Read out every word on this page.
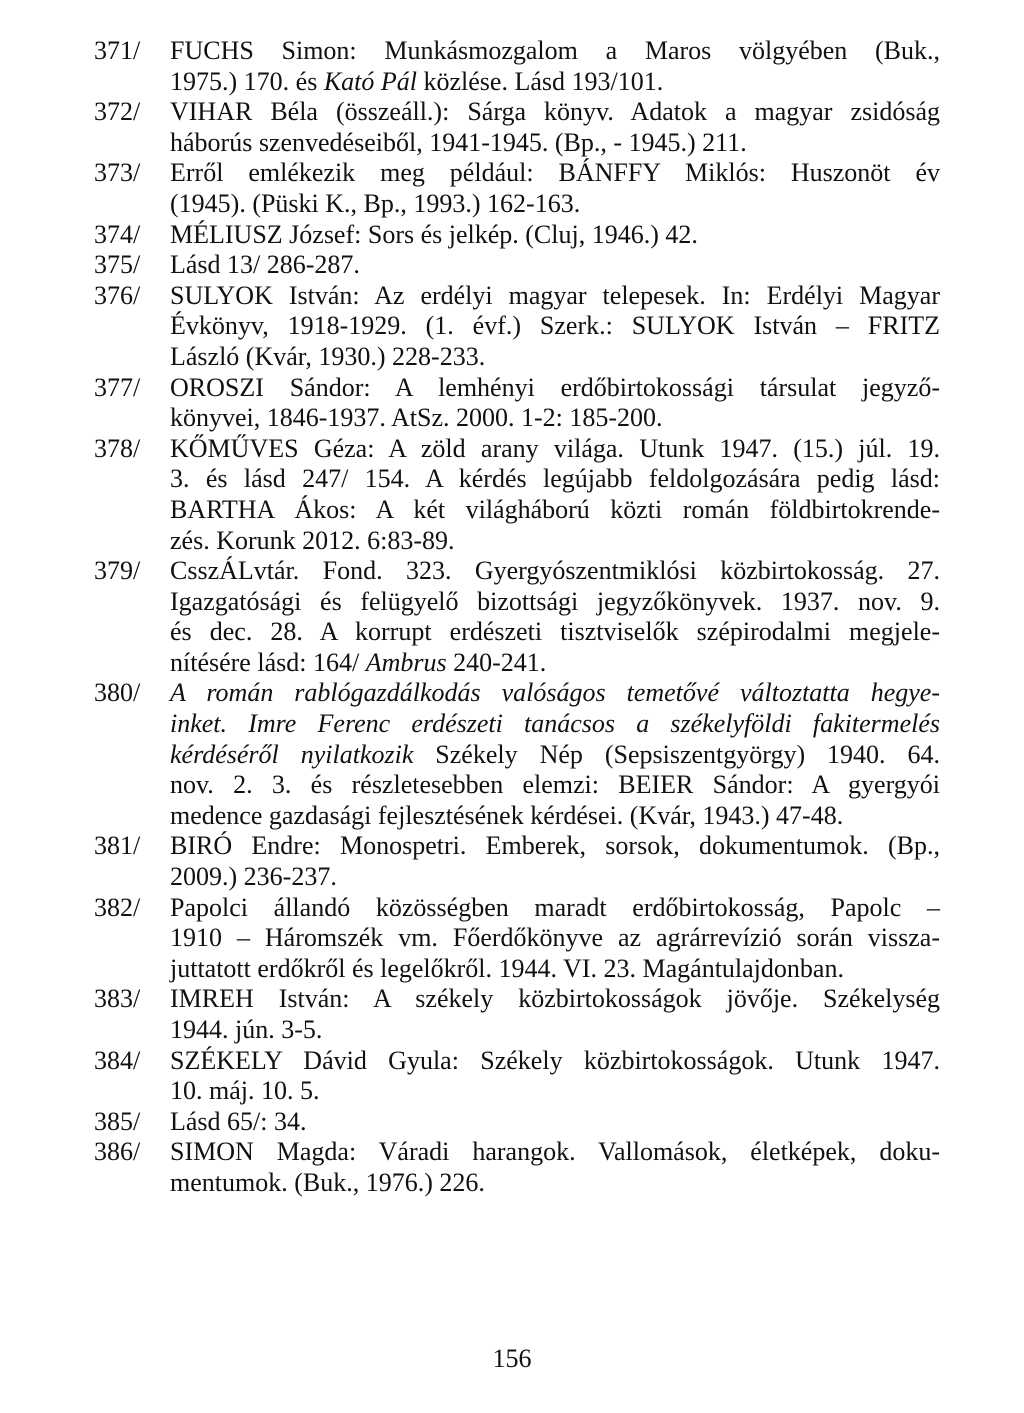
371/	FUCHS Simon: Munkásmozgalom a Maros völgyében (Buk.,
1975.) 170. és Kató Pál közlése. Lásd 193/101.
372/	VIHAR Béla (összeáll.): Sárga könyv. Adatok a magyar zsidóság
háborús szenvedéseiből, 1941-1945. (Bp., - 1945.) 211.
373/	Erről emlékezik meg például: BÁNFFY Miklós: Huszonöt év
(1945). (Püski K., Bp., 1993.) 162-163.
374/	MÉLIUSZ József: Sors és jelkép. (Cluj, 1946.) 42.
375/	Lásd 13/ 286-287.
376/	SULYOK István: Az erdélyi magyar telepesek. In: Erdélyi Magyar
Évkönyv, 1918-1929. (1. évf.) Szerk.: SULYOK István – FRITZ
László (Kvár, 1930.) 228-233.
377/	OROSZI Sándor: A lemhényi erdőbirtokossági társulat jegyző-
könyvei, 1846-1937. AtSz. 2000. 1-2: 185-200.
378/	KŐMŰVES Géza: A zöld arany világa. Utunk 1947. (15.) júl. 19.
3. és lásd 247/ 154. A kérdés legújabb feldolgozására pedig lásd:
BARTHA Ákos: A két világháború közti román földbirtokrende-
zés. Korunk 2012. 6:83-89.
379/	CsszÁLvtár. Fond. 323. Gyergyószentmiklósi közbirtokosság. 27.
Igazgatósági és felügyelő bizottsági jegyzőkönyvek. 1937. nov. 9.
és dec. 28. A korrupt erdészeti tisztviselők szépirodalmi megjele-
nítésére lásd: 164/ Ambrus 240-241.
380/	A román rablógazdálkodás valóságos temetővé változtatta hegye-
inket. Imre Ferenc erdészeti tanácsos a székelyföldi fakitermelés
kérdéséről nyilatkozik Székely Nép (Sepsiszentgyörgy) 1940. 64.
nov. 2. 3. és részletesebben elemzi: BEIER Sándor: A gyergyói
medence gazdasági fejlesztésének kérdései. (Kvár, 1943.) 47-48.
381/	BIRÓ Endre: Monospetri. Emberek, sorsok, dokumentumok. (Bp.,
2009.) 236-237.
382/	Papolci állandó közösségben maradt erdőbirtokosság, Papolc –
1910 – Háromszék vm. Főerdőkönyve az agrárrevízió során vissza-
juttatott erdőkről és legelőkről. 1944. VI. 23. Magántulajdonban.
383/	IMREH István: A székely közbirtokosságok jövője. Székelység
1944. jún. 3-5.
384/	SZÉKELY Dávid Gyula: Székely közbirtokosságok. Utunk 1947.
10. máj. 10. 5.
385/	Lásd 65/: 34.
386/	SIMON Magda: Váradi harangok. Vallomások, életképek, doku-
mentumok. (Buk., 1976.) 226.
156
